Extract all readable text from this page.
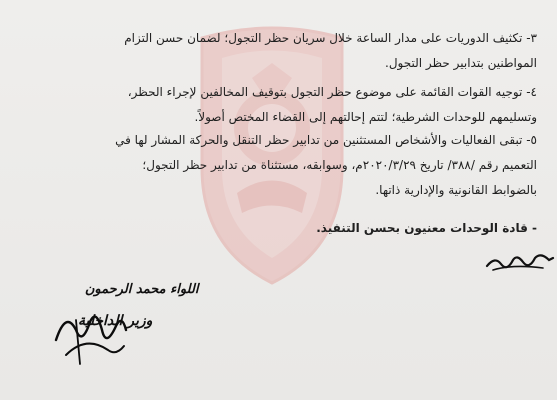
٣- تكثيف الدوريات على مدار الساعة خلال سريان حظر التجول؛ لضمان حسن التزام
المواطنين بتدابير حظر التجول.
٤- توجيه القوات القائمة على موضوع حظر التجول بتوقيف المخالفين لإجراء الحظر،
وتسليمهم للوحدات الشرطية؛ لتتم إحالتهم إلى القضاء المختص أصولاً.
٥- تبقى الفعاليات والأشخاص المستثنين من تدابير حظر التنقل والحركة المشار لها في
التعميم رقم /٣٨٨/ تاريخ ٢٠٢٠/٣/٢٩م، وسوابقه، مستثناة من تدابير حظر التجول؛
بالضوابط القانونية والإدارية ذاتها.
- قادة الوحدات معنيون بحسن التنفيذ.
اللواء محمد الرحمون
وزير الداخلية
